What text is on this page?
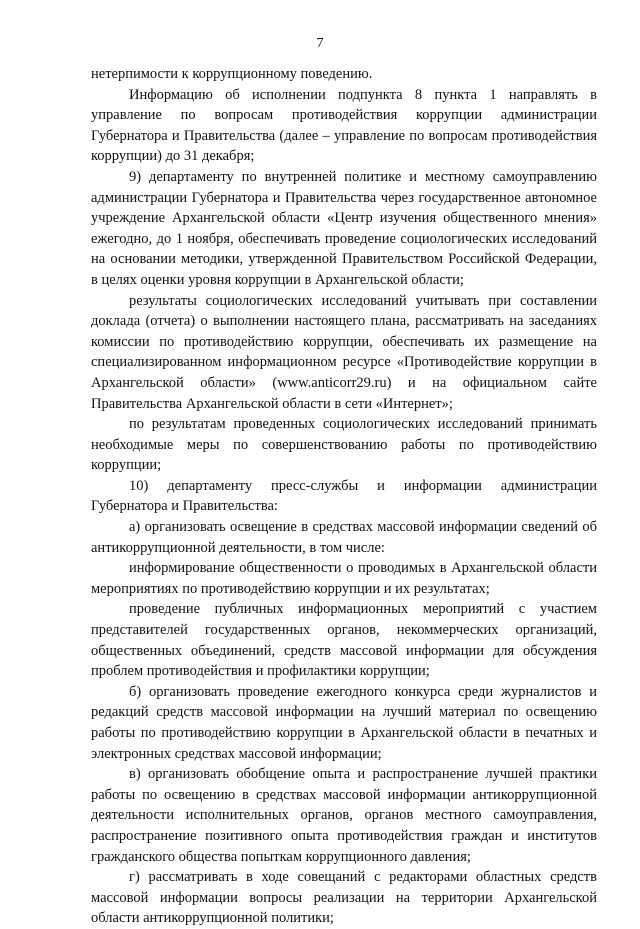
7

нетерпимости к коррупционному поведению.

Информацию об исполнении подпункта 8 пункта 1 направлять в управление по вопросам противодействия коррупции администрации Губернатора и Правительства (далее – управление по вопросам противодействия коррупции) до 31 декабря;

9) департаменту по внутренней политике и местному самоуправлению администрации Губернатора и Правительства через государственное автономное учреждение Архангельской области «Центр изучения общественного мнения» ежегодно, до 1 ноября, обеспечивать проведение социологических исследований на основании методики, утвержденной Правительством Российской Федерации, в целях оценки уровня коррупции в Архангельской области;

результаты социологических исследований учитывать при составлении доклада (отчета) о выполнении настоящего плана, рассматривать на заседаниях комиссии по противодействию коррупции, обеспечивать их размещение на специализированном информационном ресурсе «Противодействие коррупции в Архангельской области» (www.anticorr29.ru) и на официальном сайте Правительства Архангельской области в сети «Интернет»;

по результатам проведенных социологических исследований принимать необходимые меры по совершенствованию работы по противодействию коррупции;

10) департаменту пресс-службы и информации администрации Губернатора и Правительства:

а) организовать освещение в средствах массовой информации сведений об антикоррупционной деятельности, в том числе:

информирование общественности о проводимых в Архангельской области мероприятиях по противодействию коррупции и их результатах;

проведение публичных информационных мероприятий с участием представителей государственных органов, некоммерческих организаций, общественных объединений, средств массовой информации для обсуждения проблем противодействия и профилактики коррупции;

б) организовать проведение ежегодного конкурса среди журналистов и редакций средств массовой информации на лучший материал по освещению работы по противодействию коррупции в Архангельской области в печатных и электронных средствах массовой информации;

в) организовать обобщение опыта и распространение лучшей практики работы по освещению в средствах массовой информации антикоррупционной деятельности исполнительных органов, органов местного самоуправления, распространение позитивного опыта противодействия граждан и институтов гражданского общества попыткам коррупционного давления;

г) рассматривать в ходе совещаний с редакторами областных средств массовой информации вопросы реализации на территории Архангельской области антикоррупционной политики;
